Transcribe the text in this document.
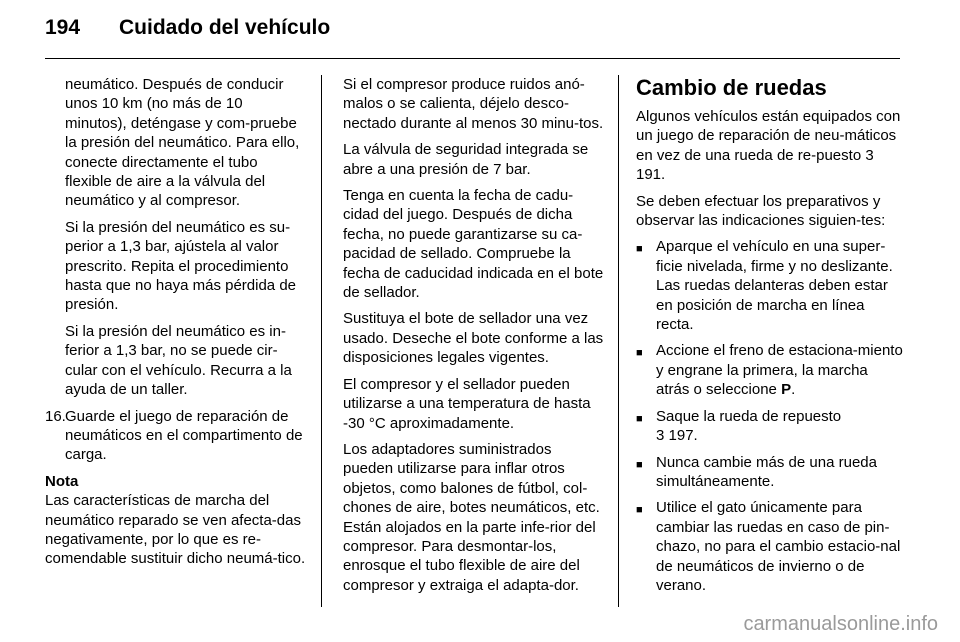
194 Cuidado del vehículo

neumático. Después de conducir unos 10 km (no más de 10 minutos), deténgase y com-pruebe la presión del neumático. Para ello, conecte directamente el tubo flexible de aire a la válvula del neumático y al compresor.

Si la presión del neumático es su-perior a 1,3 bar, ajústela al valor prescrito. Repita el procedimiento hasta que no haya más pérdida de presión.

Si la presión del neumático es in-ferior a 1,3 bar, no se puede cir-cular con el vehículo. Recurra a la ayuda de un taller.

16. Guarde el juego de reparación de neumáticos en el compartimento de carga.

Nota

Las características de marcha del neumático reparado se ven afecta-das negativamente, por lo que es re-comendable sustituir dicho neumá-tico.

Si el compresor produce ruidos anó-malos o se calienta, déjelo desco-nectado durante al menos 30 minu-tos.

La válvula de seguridad integrada se abre a una presión de 7 bar.

Tenga en cuenta la fecha de cadu-cidad del juego. Después de dicha fecha, no puede garantizarse su ca-pacidad de sellado. Compruebe la fecha de caducidad indicada en el bote de sellador.

Sustituya el bote de sellador una vez usado. Deseche el bote conforme a las disposiciones legales vigentes.

El compresor y el sellador pueden utilizarse a una temperatura de hasta -30 °C aproximadamente.

Los adaptadores suministrados pueden utilizarse para inflar otros objetos, como balones de fútbol, col-chones de aire, botes neumáticos, etc. Están alojados en la parte infe-rior del compresor. Para desmontar-los, enrosque el tubo flexible de aire del compresor y extraiga el adapta-dor.

Cambio de ruedas

Algunos vehículos están equipados con un juego de reparación de neu-máticos en vez de una rueda de re-puesto 3 191.

Se deben efectuar los preparativos y observar las indicaciones siguien-tes:

■ Aparque el vehículo en una super-ficie nivelada, firme y no deslizante. Las ruedas delanteras deben estar en posición de marcha en línea recta.
■ Accione el freno de estaciona-miento y engrane la primera, la marcha atrás o seleccione P.
■ Saque la rueda de repuesto
3 197.
■ Nunca cambie más de una rueda simultáneamente.
■ Utilice el gato únicamente para cambiar las ruedas en caso de pin-chazo, no para el cambio estacio-nal de neumáticos de invierno o de verano.
carmanualsonline.info
